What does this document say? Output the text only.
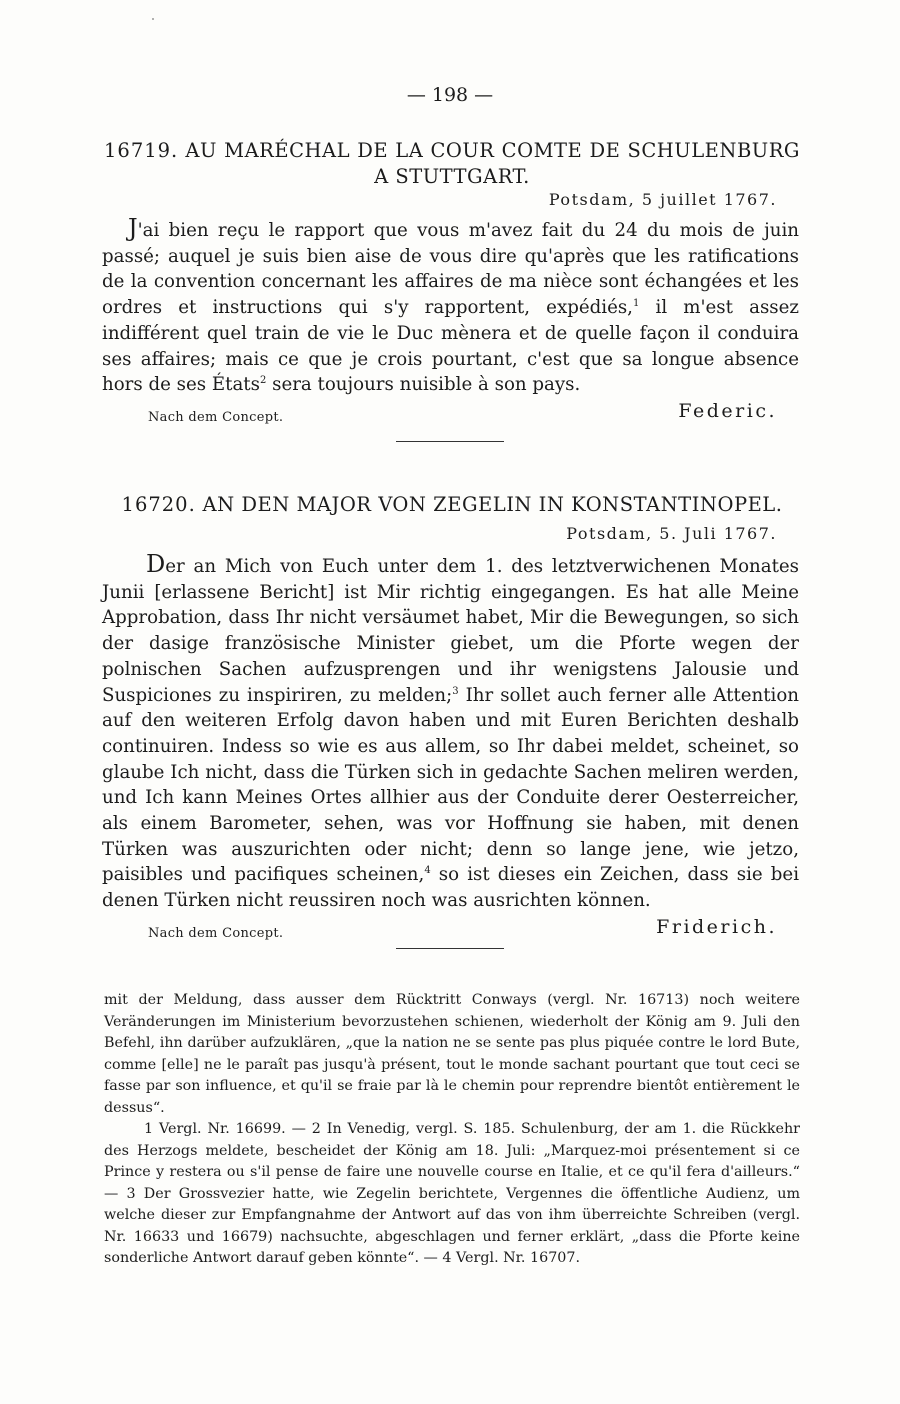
— 198 —
16719. AU MARÉCHAL DE LA COUR COMTE DE SCHULENBURG A STUTTGART.
Potsdam, 5 juillet 1767.
J'ai bien reçu le rapport que vous m'avez fait du 24 du mois de juin passé; auquel je suis bien aise de vous dire qu'après que les ratifications de la convention concernant les affaires de ma nièce sont échangées et les ordres et instructions qui s'y rapportent, expédiés,$^1$ il m'est assez indifférent quel train de vie le Duc mènera et de quelle façon il conduira ses affaires; mais ce que je crois pourtant, c'est que sa longue absence hors de ses États$^2$ sera toujours nuisible à son pays.
Nach dem Concept.	Federic.
16720. AN DEN MAJOR VON ZEGELIN IN KONSTANTINOPEL.
Potsdam, 5. Juli 1767.
Der an Mich von Euch unter dem 1. des letztverwichenen Monates Junii [erlassene Bericht] ist Mir richtig eingegangen. Es hat alle Meine Approbation, dass Ihr nicht versäumet habet, Mir die Bewegungen, so sich der dasige französische Minister giebet, um die Pforte wegen der polnischen Sachen aufzusprengen und ihr wenigstens Jalousie und Suspiciones zu inspiriren, zu melden;$^3$ Ihr sollet auch ferner alle Attention auf den weiteren Erfolg davon haben und mit Euren Berichten deshalb continuiren. Indess so wie es aus allem, so Ihr dabei meldet, scheinet, so glaube Ich nicht, dass die Türken sich in gedachte Sachen meliren werden, und Ich kann Meines Ortes allhier aus der Conduite derer Oesterreicher, als einem Barometer, sehen, was vor Hoffnung sie haben, mit denen Türken was auszurichten oder nicht; denn so lange jene, wie jetzo, paisibles und pacifiques scheinen,$^4$ so ist dieses ein Zeichen, dass sie bei denen Türken nicht reussiren noch was ausrichten können.
Nach dem Concept.	Friderich.

mit der Meldung, dass ausser dem Rücktritt Conways (vergl. Nr. 16713) noch weitere Veränderungen im Ministerium bevorzustehen schienen, wiederholt der König am 9. Juli den Befehl, ihn darüber aufzuklären, „que la nation ne se sente pas plus piquée contre le lord Bute, comme [elle] ne le paraît pas jusqu'à présent, tout le monde sachant pourtant que tout ceci se fasse par son influence, et qu'il se fraie par là le chemin pour reprendre bientôt entièrement le dessus“.

1 Vergl. Nr. 16699. — 2 In Venedig, vergl. S. 185. Schulenburg, der am 1. die Rückkehr des Herzogs meldete, bescheidet der König am 18. Juli: „Marquez-moi présentement si ce Prince y restera ou s'il pense de faire une nouvelle course en Italie, et ce qu'il fera d'ailleurs.“ — 3 Der Grossvezier hatte, wie Zegelin berichtete, Vergennes die öffentliche Audienz, um welche dieser zur Empfangnahme der Antwort auf das von ihm überreichte Schreiben (vergl. Nr. 16633 und 16679) nachsuchte, abgeschlagen und ferner erklärt, „dass die Pforte keine sonderliche Antwort darauf geben könnte“. — 4 Vergl. Nr. 16707.
